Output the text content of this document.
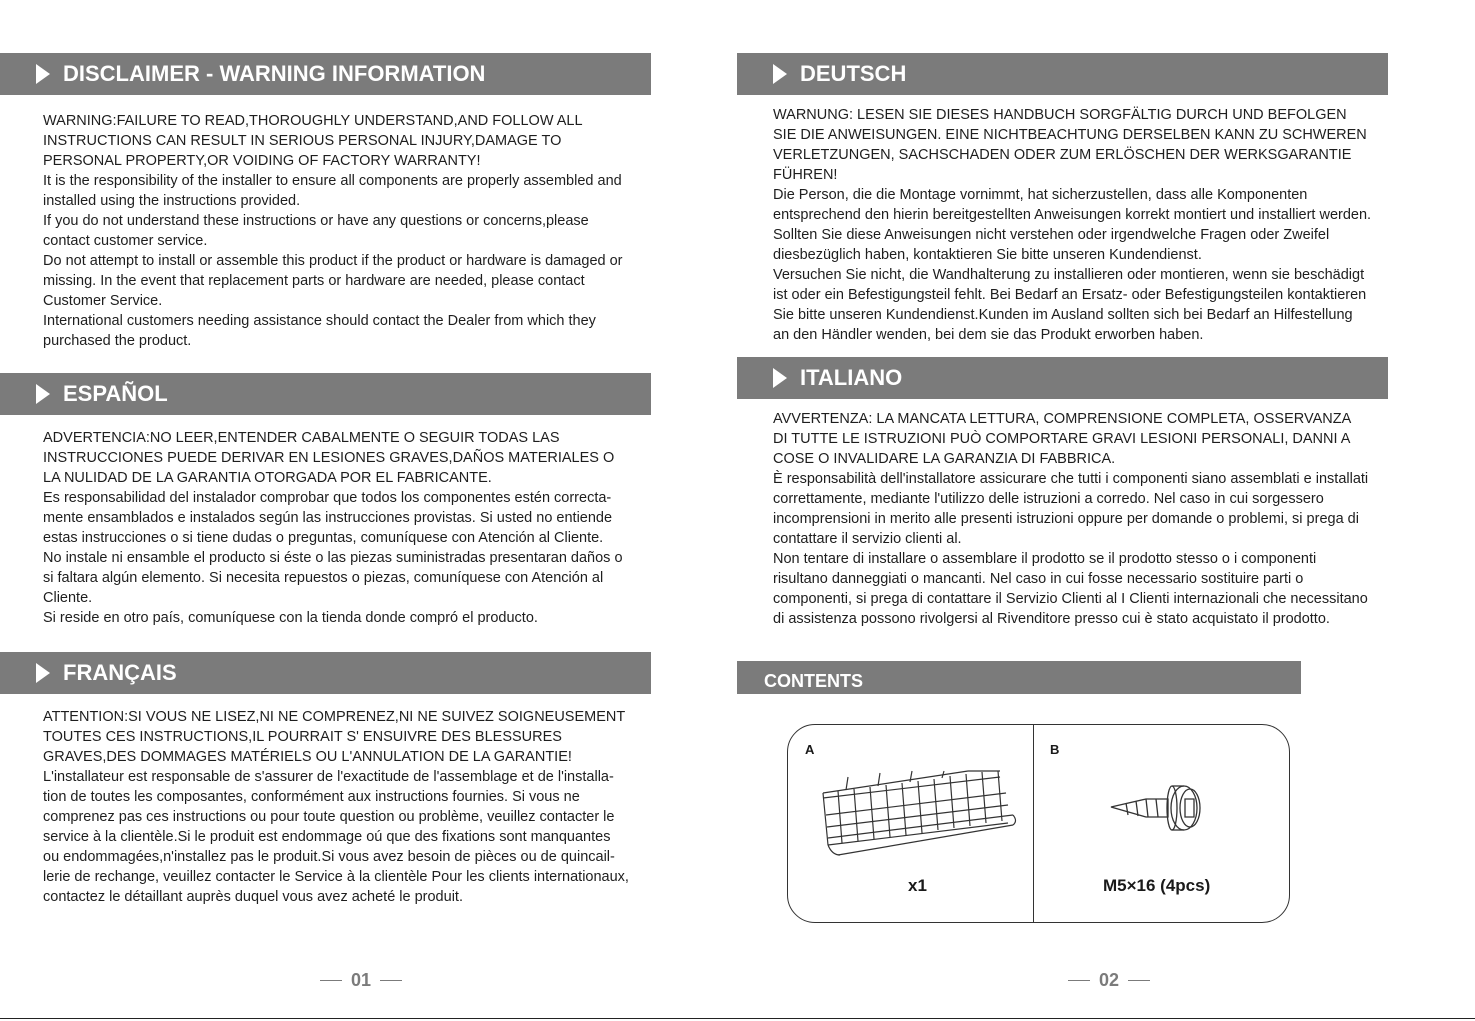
DISCLAIMER - WARNING INFORMATION

WARNING:FAILURE TO READ,THOROUGHLY UNDERSTAND,AND FOLLOW ALL

INSTRUCTIONS CAN RESULT IN SERIOUS PERSONAL INJURY,DAMAGE TO

PERSONAL PROPERTY,OR VOIDING OF FACTORY WARRANTY!

It is the responsibility of the installer to ensure all components are properly assembled and

installed using the instructions provided.

If you do not understand these instructions or have any questions or concerns,please

contact customer service.

Do not attempt to install or assemble this product if the product or hardware is damaged or

missing. In the event that replacement parts or hardware are needed, please contact

Customer Service.

International customers needing assistance should contact the Dealer from which they

purchased the product.

ESPAÑOL

ADVERTENCIA:NO LEER,ENTENDER CABALMENTE O SEGUIR TODAS LAS

INSTRUCCIONES PUEDE DERIVAR EN LESIONES GRAVES,DAÑOS MATERIALES O

LA NULIDAD DE LA GARANTIA OTORGADA POR EL FABRICANTE.

Es responsabilidad del instalador comprobar que todos los componentes estén correcta-

mente ensamblados e instalados según las instrucciones provistas. Si usted no entiende

estas instrucciones o si tiene dudas o preguntas, comuníquese con Atención al Cliente.

No instale ni ensamble el producto si éste o las piezas suministradas presentaran daños o

si faltara algún elemento. Si necesita repuestos o piezas, comuníquese con Atención al

Cliente.

Si reside en otro país, comuníquese con la tienda donde compró el producto.

FRANÇAIS

ATTENTION:SI VOUS NE LISEZ,NI NE COMPRENEZ,NI NE SUIVEZ SOIGNEUSEMENT

TOUTES CES INSTRUCTIONS,IL POURRAIT S' ENSUIVRE DES BLESSURES

GRAVES,DES DOMMAGES MATÉRIELS OU L'ANNULATION DE LA GARANTIE!

L'installateur est responsable de s'assurer de l'exactitude de l'assemblage et de l'installa-

tion de toutes les composantes, conformément aux instructions fournies. Si vous ne

comprenez pas ces instructions ou pour toute question ou problème, veuillez contacter le

service à la clientèle.Si le produit est endommage oú que des fixations sont manquantes

ou endommagées,n'installez pas le produit.Si vous avez besoin de pièces ou de quincail-

lerie de rechange, veuillez contacter le Service à la clientèle Pour les clients internationaux,

contactez le détaillant auprès duquel vous avez acheté le produit.

01
DEUTSCH

WARNUNG: LESEN SIE DIESES HANDBUCH SORGFÄLTIG DURCH UND BEFOLGEN

SIE DIE ANWEISUNGEN. EINE NICHTBEACHTUNG DERSELBEN KANN ZU SCHWEREN

VERLETZUNGEN, SACHSCHADEN ODER ZUM ERLÖSCHEN DER WERKSGARANTIE

FÜHREN!

Die Person, die die Montage vornimmt, hat sicherzustellen, dass alle Komponenten

entsprechend den hierin bereitgestellten Anweisungen korrekt montiert und installiert werden.

Sollten Sie diese Anweisungen nicht verstehen oder irgendwelche Fragen oder Zweifel

diesbezüglich haben, kontaktieren Sie bitte unseren Kundendienst.

Versuchen Sie nicht, die Wandhalterung zu installieren oder montieren, wenn sie beschädigt

ist oder ein Befestigungsteil fehlt. Bei Bedarf an Ersatz- oder Befestigungsteilen kontaktieren

Sie bitte unseren Kundendienst.Kunden im Ausland sollten sich bei Bedarf an Hilfestellung

an den Händler wenden, bei dem sie das Produkt erworben haben.

ITALIANO

AVVERTENZA: LA MANCATA LETTURA, COMPRENSIONE COMPLETA, OSSERVANZA

DI TUTTE LE ISTRUZIONI PUÒ COMPORTARE GRAVI LESIONI PERSONALI, DANNI A

COSE O INVALIDARE LA GARANZIA DI FABBRICA.

È responsabilità dell'installatore assicurare che tutti i componenti siano assemblati e installati

correttamente, mediante l'utilizzo delle istruzioni a corredo. Nel caso in cui sorgessero

incomprensioni in merito alle presenti istruzioni oppure per domande o problemi, si prega di

contattare il servizio clienti al.

Non tentare di installare o assemblare il prodotto se il prodotto stesso o i componenti

risultano danneggiati o mancanti. Nel caso in cui fosse necessario sostituire parti o

componenti, si prega di contattare il Servizio Clienti al I Clienti internazionali che necessitano

di assistenza possono rivolgersi al Rivenditore presso cui è stato acquistato il prodotto.

CONTENTS
A
x1
B
M5×16 (4pcs)
02
